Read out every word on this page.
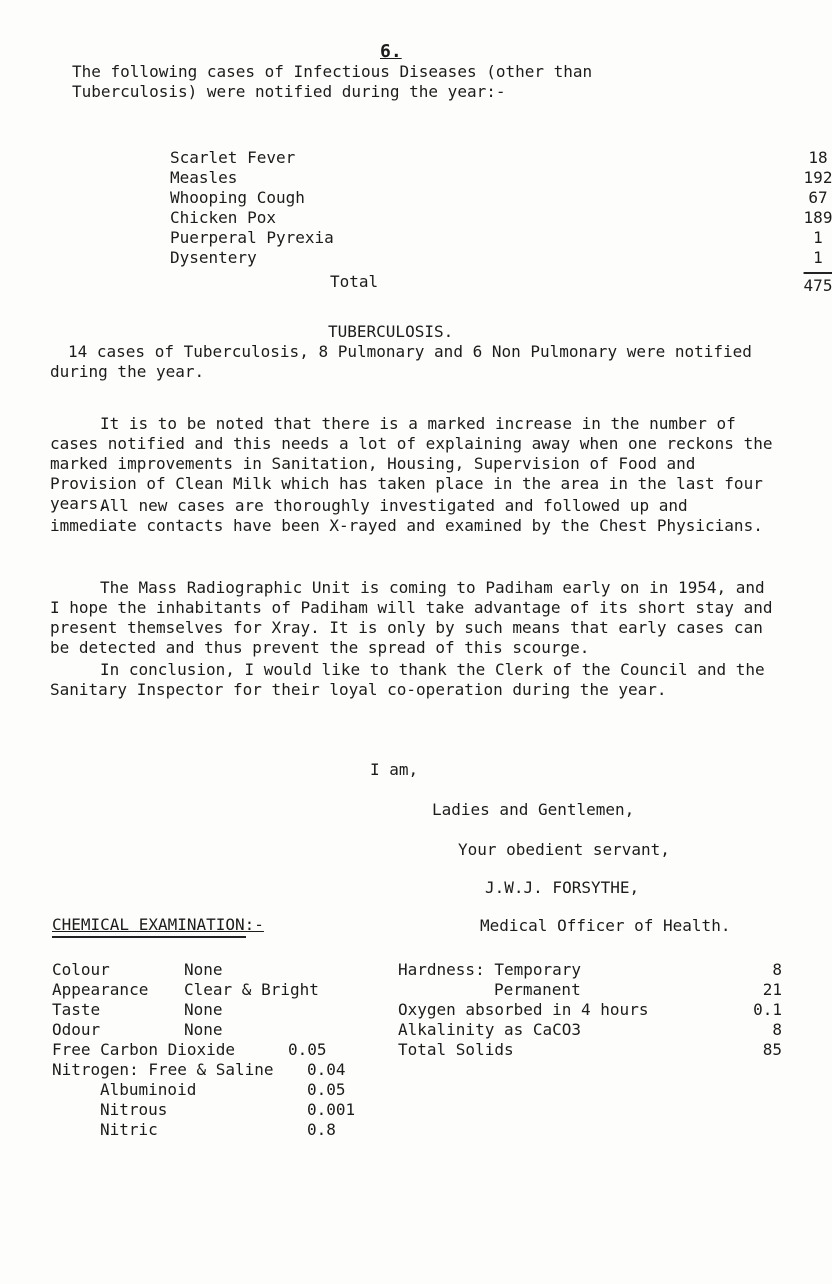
6.
The following cases of Infectious Diseases (other than Tuberculosis) were notified during the year:-
Scarlet Fever	18
Measles	192
Whooping Cough	67
Chicken Pox	189
Puerperal Pyrexia	1
Dysentery	1
Total	475
TUBERCULOSIS.
14 cases of Tuberculosis, 8 Pulmonary and 6 Non Pulmonary were notified during the year.
It is to be noted that there is a marked increase in the number of cases notified and this needs a lot of explaining away when one reckons the marked improvements in Sanitation, Housing, Supervision of Food and Provision of Clean Milk which has taken place in the area in the last four years.
All new cases are thoroughly investigated and followed up and immediate contacts have been X-rayed and examined by the Chest Physicians.
The Mass Radiographic Unit is coming to Padiham early on in 1954, and I hope the inhabitants of Padiham will take advantage of its short stay and present themselves for Xray. It is only by such means that early cases can be detected and thus prevent the spread of this scourge.
In conclusion, I would like to thank the Clerk of the Council and the Sanitary Inspector for their loyal co-operation during the year.
I am,
Ladies and Gentlemen,
Your obedient servant,
J.W.J. FORSYTHE,
Medical Officer of Health.
CHEMICAL EXAMINATION:-
Colour	None
Appearance Clear & Bright
Taste	None
Odour	None
Free Carbon Dioxide	0.05
Nitrogen: Free & Saline 0.04
Albuminoid	0.05
Nitrous	0.001
Nitric	0.8
Hardness: Temporary	8
Permanent	21
Oxygen absorbed in 4 hours	0.1
Alkalinity as CaCO3	8
Total Solids	85
